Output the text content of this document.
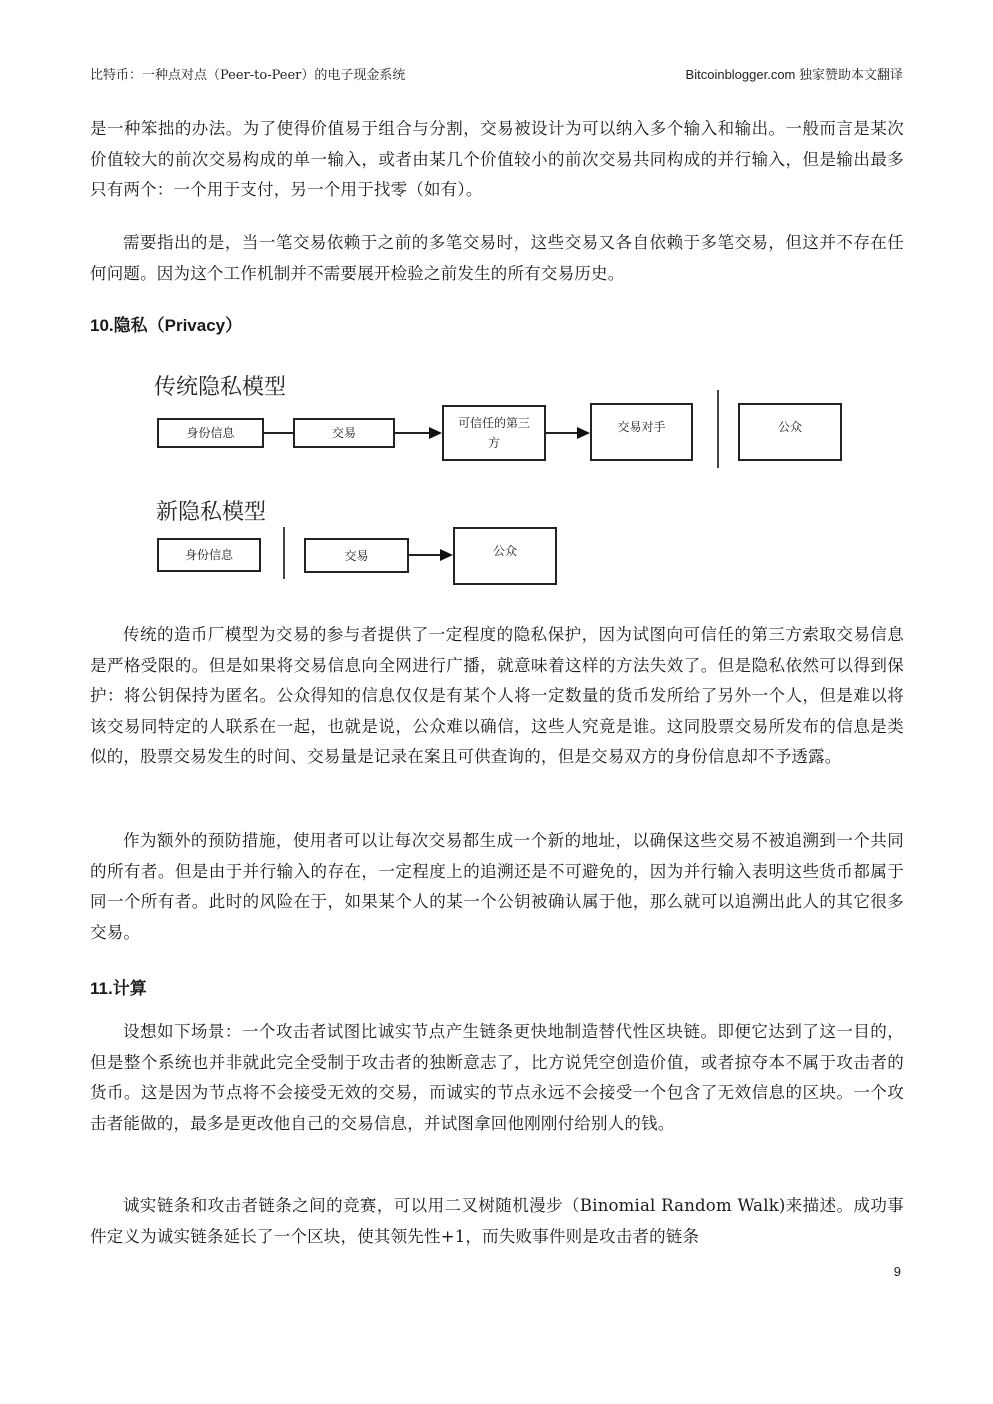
比特币：一种点对点（Peer-to-Peer）的电子现金系统	Bitcoinblogger.com 独家赞助本文翻译

是一种笨拙的办法。为了使得价值易于组合与分割，交易被设计为可以纳入多个输入和输出。一般而言是某次价值较大的前次交易构成的单一输入，或者由某几个价值较小的前次交易共同构成的并行输入，但是输出最多只有两个：一个用于支付，另一个用于找零（如有）。

需要指出的是，当一笔交易依赖于之前的多笔交易时，这些交易又各自依赖于多笔交易，但这并不存在任何问题。因为这个工作机制并不需要展开检验之前发生的所有交易历史。

10.隐私（Privacy）
传统隐私模型
身份信息	交易
可信任的第三方
交易对手	公众
新隐私模型
身份信息	交易	公众

传统的造币厂模型为交易的参与者提供了一定程度的隐私保护，因为试图向可信任的第三方索取交易信息是严格受限的。但是如果将交易信息向全网进行广播，就意味着这样的方法失效了。但是隐私依然可以得到保护：将公钥保持为匿名。公众得知的信息仅仅是有某个人将一定数量的货币发所给了另外一个人，但是难以将该交易同特定的人联系在一起，也就是说，公众难以确信，这些人究竟是谁。这同股票交易所发布的信息是类似的，股票交易发生的时间、交易量是记录在案且可供查询的，但是交易双方的身份信息却不予透露。

作为额外的预防措施，使用者可以让每次交易都生成一个新的地址，以确保这些交易不被追溯到一个共同的所有者。但是由于并行输入的存在，一定程度上的追溯还是不可避免的，因为并行输入表明这些货币都属于同一个所有者。此时的风险在于，如果某个人的某一个公钥被确认属于他，那么就可以追溯出此人的其它很多交易。

11.计算

设想如下场景：一个攻击者试图比诚实节点产生链条更快地制造替代性区块链。即便它达到了这一目的，但是整个系统也并非就此完全受制于攻击者的独断意志了，比方说凭空创造价值，或者掠夺本不属于攻击者的货币。这是因为节点将不会接受无效的交易，而诚实的节点永远不会接受一个包含了无效信息的区块。一个攻击者能做的，最多是更改他自己的交易信息，并试图拿回他刚刚付给别人的钱。

诚实链条和攻击者链条之间的竞赛，可以用二叉树随机漫步（Binomial Random Walk)来描述。成功事件定义为诚实链条延长了一个区块，使其领先性+1，而失败事件则是攻击者的链条

9
